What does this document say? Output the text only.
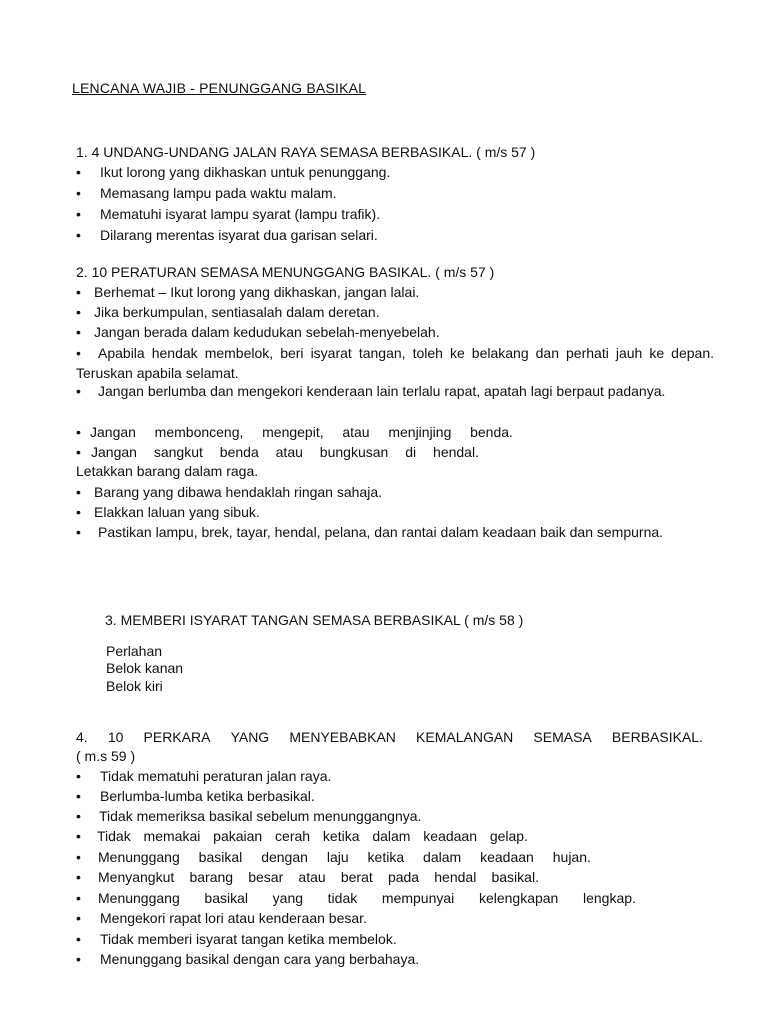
LENCANA WAJIB - PENUNGGANG BASIKAL
1. 4 UNDANG-UNDANG JALAN RAYA SEMASA BERBASIKAL. ( m/s 57 )
•	Ikut lorong yang dikhaskan untuk penunggang.
•	Memasang lampu pada waktu malam.
•	Mematuhi isyarat lampu syarat (lampu trafik).
•	Dilarang merentas isyarat dua garisan selari.
2. 10 PERATURAN SEMASA MENUNGGANG BASIKAL. ( m/s 57 )
• Berhemat – Ikut lorong yang dikhaskan, jangan lalai.
• Jika berkumpulan, sentiasalah dalam deretan.
• Jangan berada dalam kedudukan sebelah-menyebelah.
• Apabila hendak membelok, beri isyarat tangan, toleh ke belakang dan perhati jauh ke depan. Teruskan apabila selamat.
• Jangan berlumba dan mengekori kenderaan lain terlalu rapat, apatah lagi berpaut padanya.
• Jangan membonceng, mengepit, atau menjinjing benda.
• Jangan sangkut benda atau bungkusan di hendal.
Letakkan barang dalam raga.
• Barang yang dibawa hendaklah ringan sahaja.
• Elakkan laluan yang sibuk.
• Pastikan lampu, brek, tayar, hendal, pelana, dan rantai dalam keadaan baik dan sempurna.
3. MEMBERI ISYARAT TANGAN SEMASA BERBASIKAL ( m/s 58 )
Perlahan
Belok kanan
Belok kiri
4. 10 PERKARA YANG MENYEBABKAN KEMALANGAN SEMASA BERBASIKAL.
( m.s 59 )
•	Tidak mematuhi peraturan jalan raya.
•	Berlumba-lumba ketika berbasikal.
•	Tidak memeriksa basikal sebelum menunggangnya.
•	Tidak memakai pakaian cerah ketika dalam keadaan gelap.
•	Menunggang basikal dengan laju ketika dalam keadaan hujan.
•	Menyangkut barang besar atau berat pada hendal basikal.
•	Menunggang basikal yang tidak mempunyai kelengkapan lengkap.
•	Mengekori rapat lori atau kenderaan besar.
•	Tidak memberi isyarat tangan ketika membelok.
•	Menunggang basikal dengan cara yang berbahaya.
